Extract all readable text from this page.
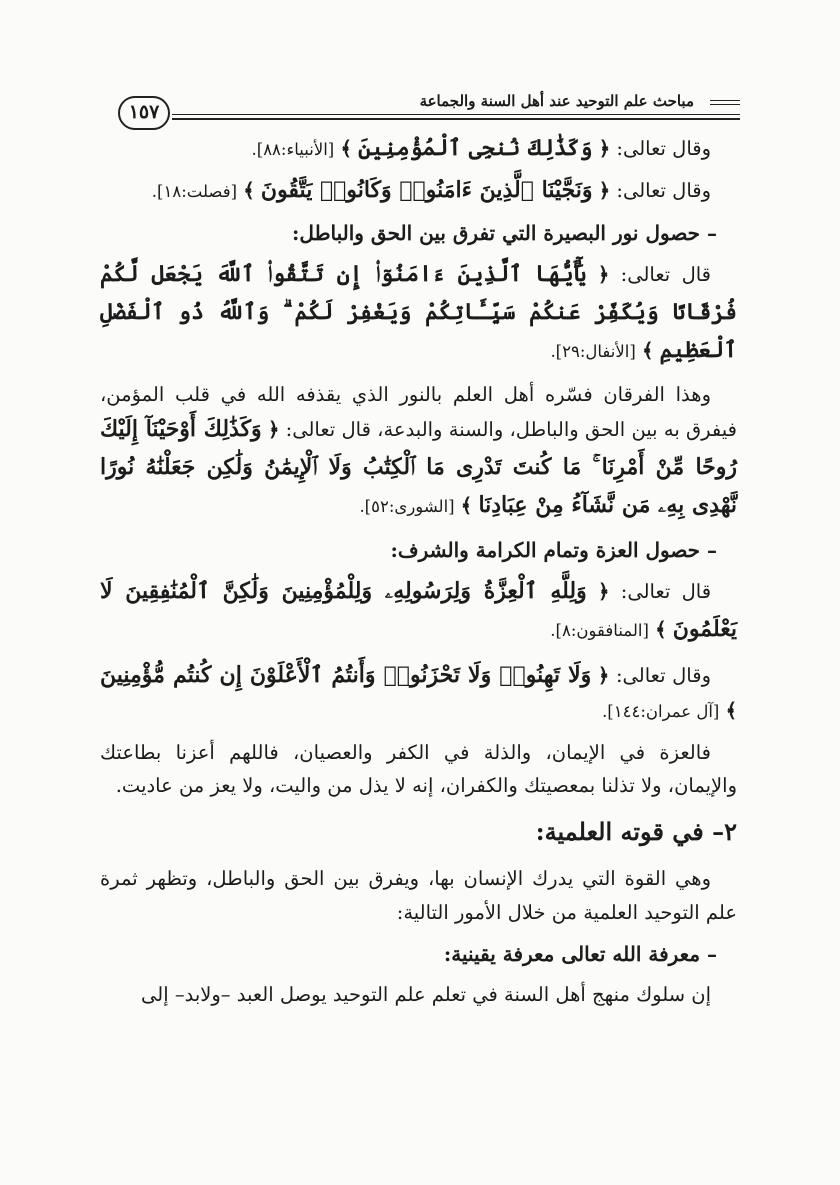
مباحث علم التوحيد عند أهل السنة والجماعة
١٥٧

وقال تعالى: ﴿ وَكَذَٰلِكَ نُنجِى ٱلْمُؤْمِنِينَ ﴾ [الأنبياء:٨٨].

وقال تعالى: ﴿ وَنَجَّيْنَا ٱلَّذِينَ ءَامَنُوا۟ وَكَانُوا۟ يَتَّقُونَ ﴾ [فصلت:١٨].

– حصول نور البصيرة التي تفرق بين الحق والباطل:

قال تعالى: ﴿ يَٰٓأَيُّهَا ٱلَّذِينَ ءَامَنُوٓا۟ إِن تَتَّقُوا۟ ٱللَّهَ يَجْعَل لَّكُمْ فُرْقَانًا وَيُكَفِّرْ عَنكُمْ سَيِّـَٔاتِكُمْ وَيَغْفِرْ لَكُمْ ۗ وَٱللَّهُ ذُو ٱلْفَضْلِ ٱلْعَظِيمِ ﴾ [الأنفال:٢٩].

وهذا الفرقان فسّره أهل العلم بالنور الذي يقذفه الله في قلب المؤمن، فيفرق به بين الحق والباطل، والسنة والبدعة، قال تعالى: ﴿ وَكَذَٰلِكَ أَوْحَيْنَآ إِلَيْكَ رُوحًا مِّنْ أَمْرِنَا ۚ مَا كُنتَ تَدْرِى مَا ٱلْكِتَٰبُ وَلَا ٱلْإِيمَٰنُ وَلَٰكِن جَعَلْنَٰهُ نُورًا نَّهْدِى بِهِۦ مَن نَّشَآءُ مِنْ عِبَادِنَا ﴾ [الشورى:٥٢].

– حصول العزة وتمام الكرامة والشرف:

قال تعالى: ﴿ وَلِلَّهِ ٱلْعِزَّةُ وَلِرَسُولِهِۦ وَلِلْمُؤْمِنِينَ وَلَٰكِنَّ ٱلْمُنَٰفِقِينَ لَا يَعْلَمُونَ ﴾ [المنافقون:٨].

وقال تعالى: ﴿ وَلَا تَهِنُوا۟ وَلَا تَحْزَنُوا۟ وَأَنتُمُ ٱلْأَعْلَوْنَ إِن كُنتُم مُّؤْمِنِينَ ﴾ [آل عمران:١٤٤].

فالعزة في الإيمان، والذلة في الكفر والعصيان، فاللهم أعزنا بطاعتك والإيمان، ولا تذلنا بمعصيتك والكفران، إنه لا يذل من واليت، ولا يعز من عاديت.

٢– في قوته العلمية:

وهي القوة التي يدرك الإنسان بها، ويفرق بين الحق والباطل، وتظهر ثمرة علم التوحيد العلمية من خلال الأمور التالية:

– معرفة الله تعالى معرفة يقينية:

إن سلوك منهج أهل السنة في تعلم علم التوحيد يوصل العبد –ولابد– إلى
